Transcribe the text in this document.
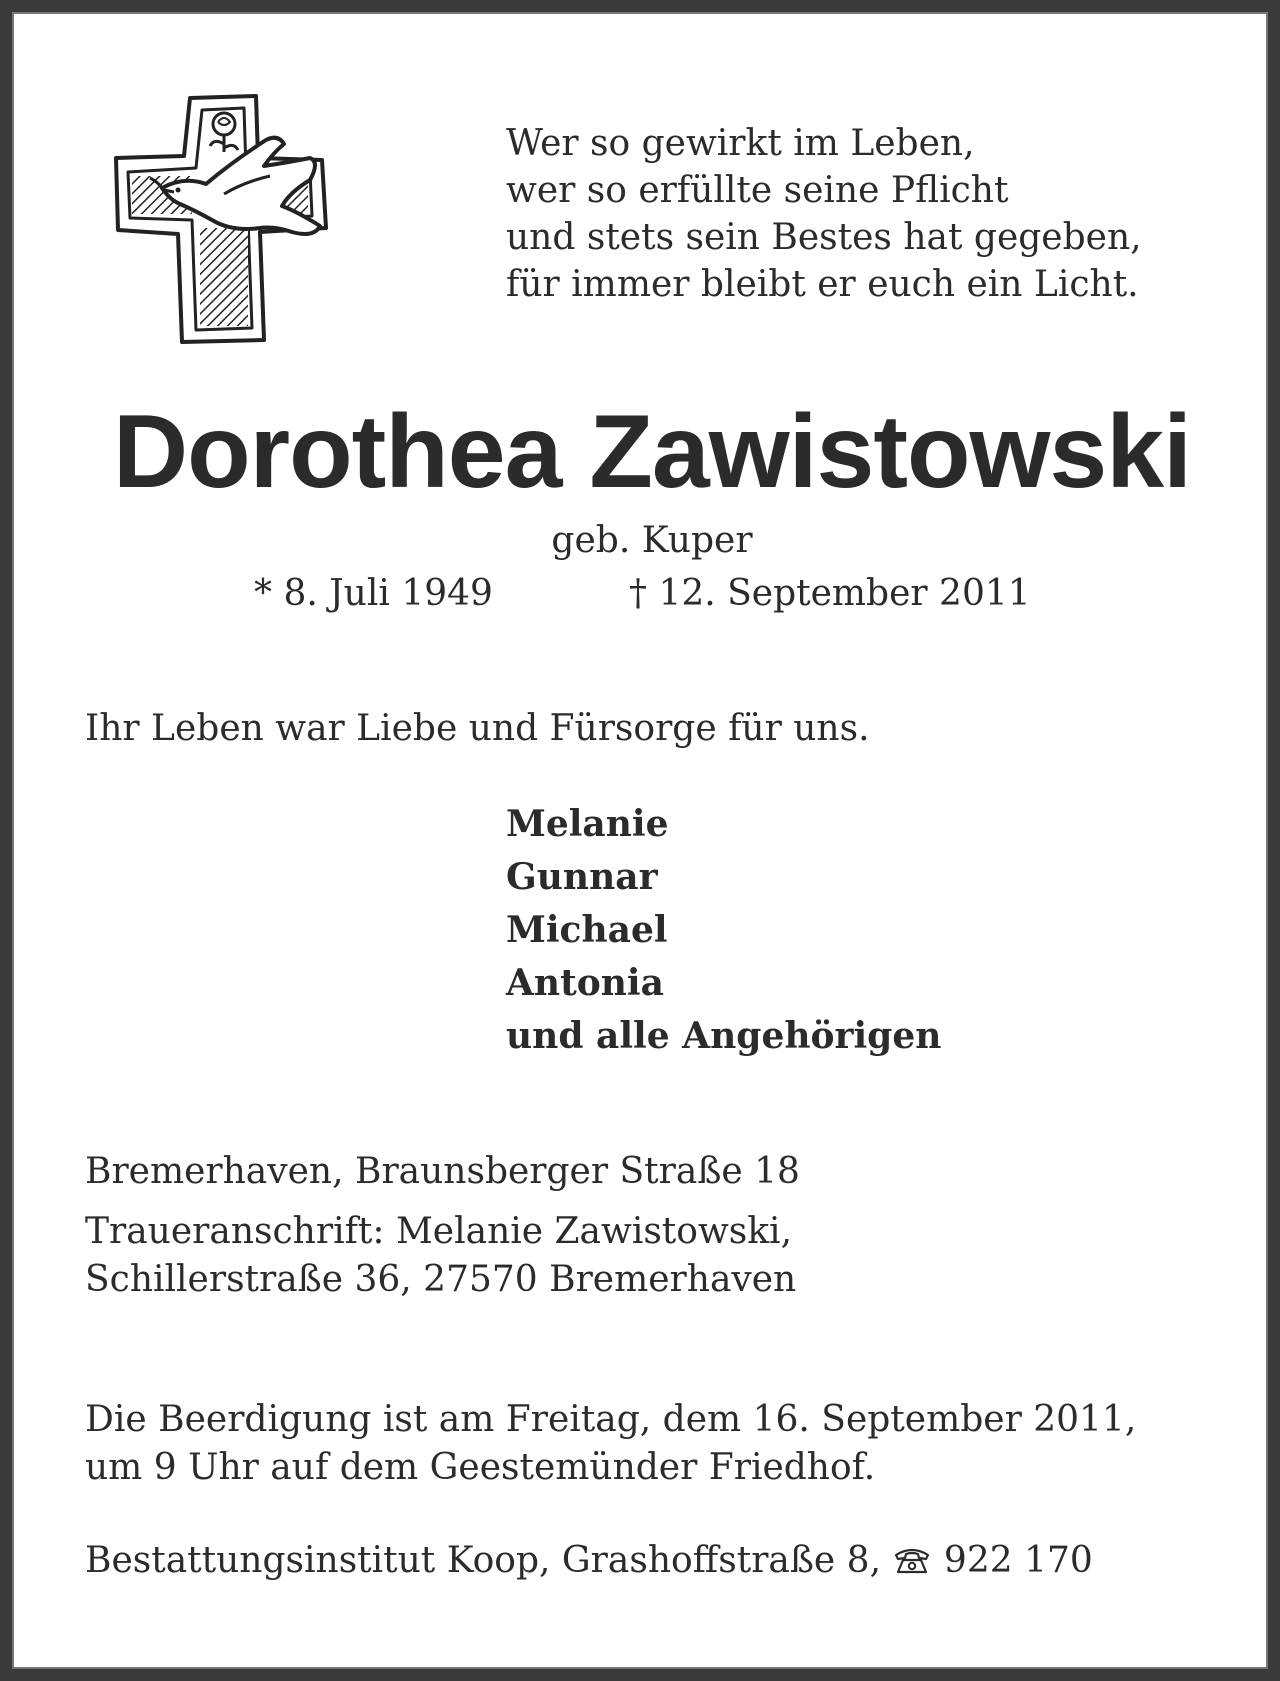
Wer so gewirkt im Leben,
wer so erfüllte seine Pflicht
und stets sein Bestes hat gegeben,
für immer bleibt er euch ein Licht.
Dorothea Zawistowski
geb. Kuper
* 8. Juli 1949	† 12. September 2011
Ihr Leben war Liebe und Fürsorge für uns.
Melanie
Gunnar
Michael
Antonia
und alle Angehörigen
Bremerhaven, Braunsberger Straße 18
Traueranschrift: Melanie Zawistowski,
Schillerstraße 36, 27570 Bremerhaven
Die Beerdigung ist am Freitag, dem 16. September 2011,
um 9 Uhr auf dem Geestemünder Friedhof.
Bestattungsinstitut Koop, Grashoffstraße 8, 922 170
